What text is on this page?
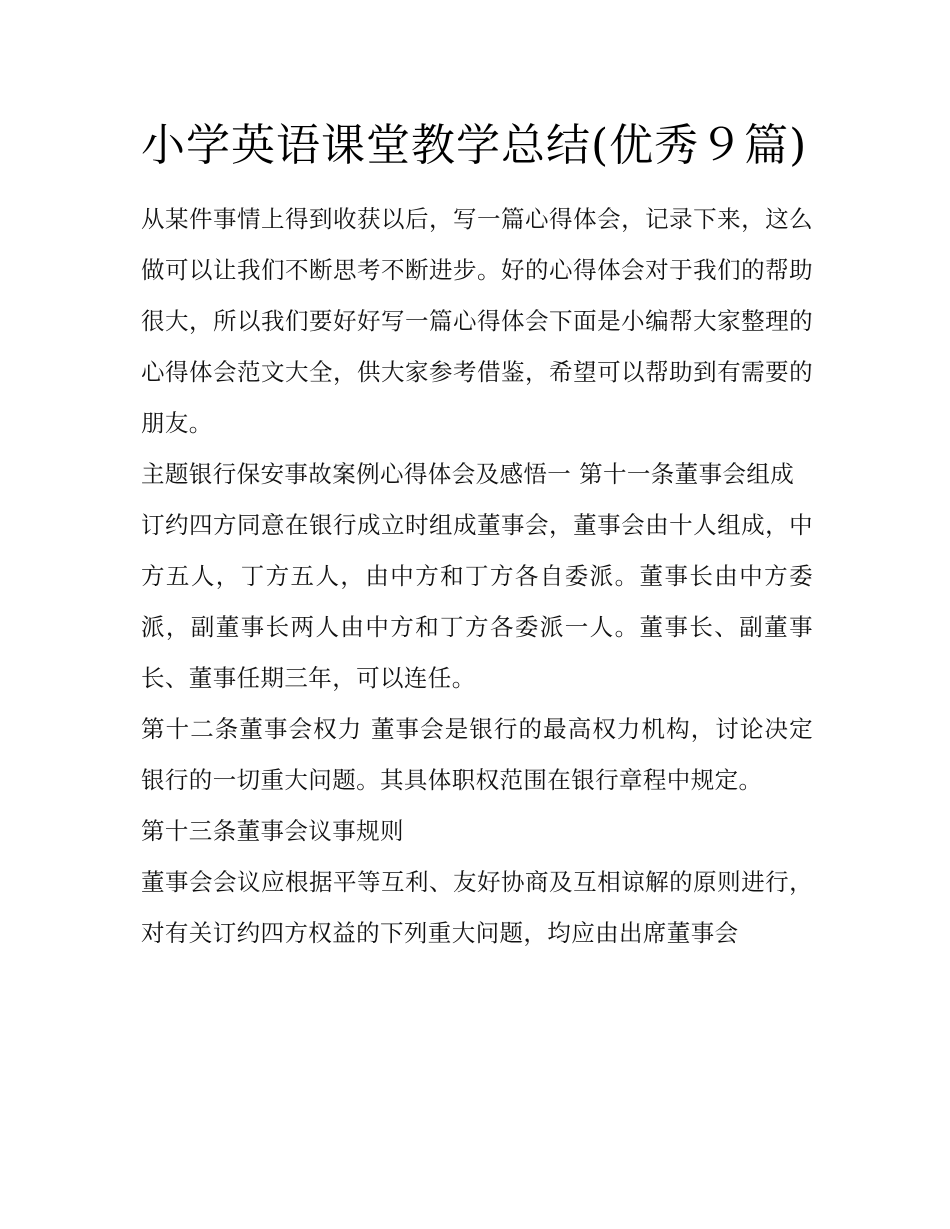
小学英语课堂教学总结(优秀９篇)

从某件事情上得到收获以后，写一篇心得体会，记录下来，这么做可以让我们不断思考不断进步。好的心得体会对于我们的帮助很大，所以我们要好好写一篇心得体会下面是小编帮大家整理的心得体会范文大全，供大家参考借鉴，希望可以帮助到有需要的朋友。

主题银行保安事故案例心得体会及感悟一 第十一条董事会组成

订约四方同意在银行成立时组成董事会，董事会由十人组成，中方五人，丁方五人，由中方和丁方各自委派。董事长由中方委派，副董事长两人由中方和丁方各委派一人。董事长、副董事长、董事任期三年，可以连任。

第十二条董事会权力 董事会是银行的最高权力机构，讨论决定银行的一切重大问题。其具体职权范围在银行章程中规定。

第十三条董事会议事规则

董事会会议应根据平等互利、友好协商及互相谅解的原则进行，对有关订约四方权益的下列重大问题，均应由出席董事会
